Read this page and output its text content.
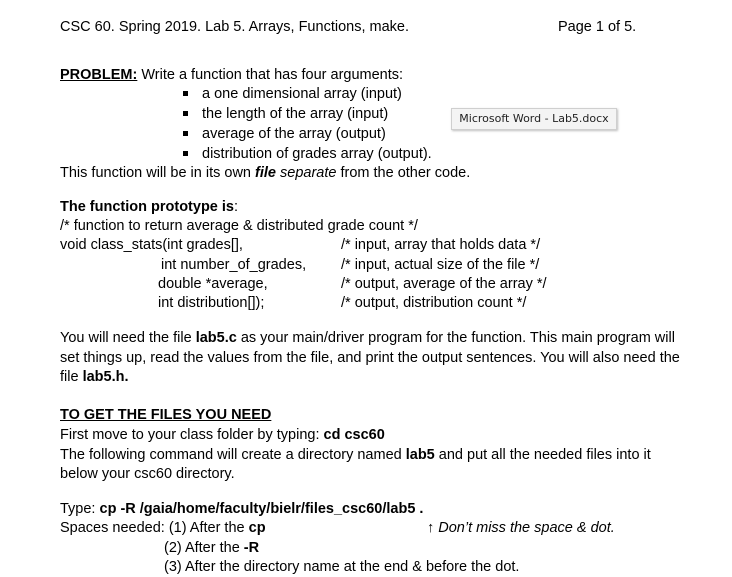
CSC 60. Spring 2019. Lab 5. Arrays, Functions, make.	Page 1 of 5.
PROBLEM: Write a function that has four arguments:
a one dimensional array (input)
the length of the array (input)
average of the array (output)
distribution of grades array (output).
Microsoft Word - Lab5.docx
This function will be in its own file separate from the other code.
The function prototype is:
/* function to return average & distributed grade count */
void class_stats(int grades[],	/* input, array that holds data */
int number_of_grades, /* input, actual size of the file */
double *average,	/* output, average of the array */
int distribution[]);	/* output, distribution count */
You will need the file lab5.c as your main/driver program for the function. This main program will
set things up, read the values from the file, and print the output sentences. You will also need the
file lab5.h.
TO GET THE FILES YOU NEED
First move to your class folder by typing: cd csc60
The following command will create a directory named lab5 and put all the needed files into it
below your csc60 directory.
Type: cp -R /gaia/home/faculty/bielr/files_csc60/lab5 .
Spaces needed: (1) After the cp	↑ Don’t miss the space & dot.
(2) After the -R
(3) After the directory name at the end & before the dot.
